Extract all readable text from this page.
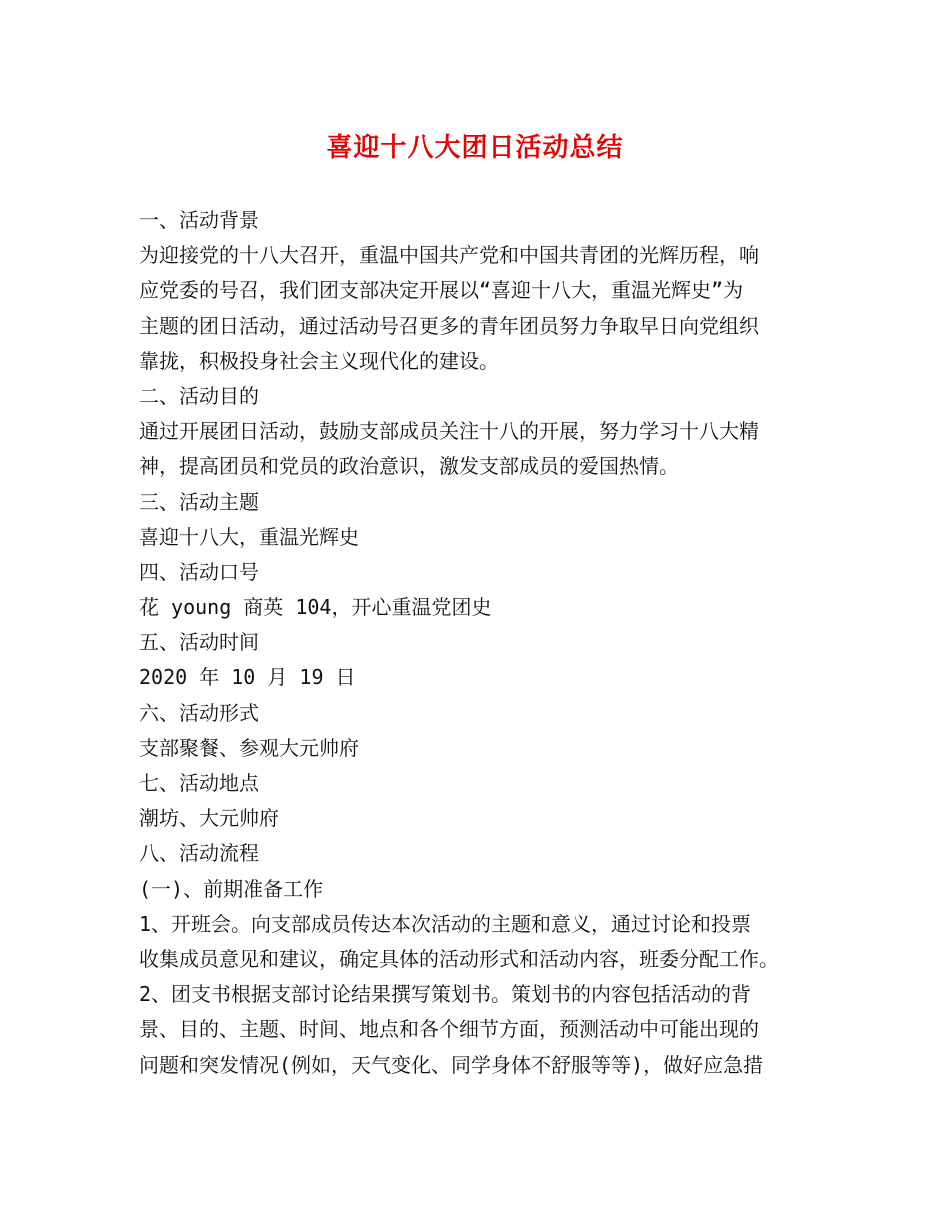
喜迎十八大团日活动总结
一、活动背景
为迎接党的十八大召开，重温中国共产党和中国共青团的光辉历程，响
应党委的号召，我们团支部决定开展以“喜迎十八大，重温光辉史”为
主题的团日活动，通过活动号召更多的青年团员努力争取早日向党组织
靠拢，积极投身社会主义现代化的建设。
二、活动目的
通过开展团日活动，鼓励支部成员关注十八的开展，努力学习十八大精
神，提高团员和党员的政治意识，激发支部成员的爱国热情。
三、活动主题
喜迎十八大，重温光辉史
四、活动口号
花 young 商英 104，开心重温党团史
五、活动时间
2020 年 10 月 19 日
六、活动形式
支部聚餐、参观大元帅府
七、活动地点
潮坊、大元帅府
八、活动流程
(一)、前期准备工作
1、开班会。向支部成员传达本次活动的主题和意义，通过讨论和投票
收集成员意见和建议，确定具体的活动形式和活动内容，班委分配工作。
2、团支书根据支部讨论结果撰写策划书。策划书的内容包括活动的背
景、目的、主题、时间、地点和各个细节方面，预测活动中可能出现的
问题和突发情况(例如，天气变化、同学身体不舒服等等)，做好应急措
